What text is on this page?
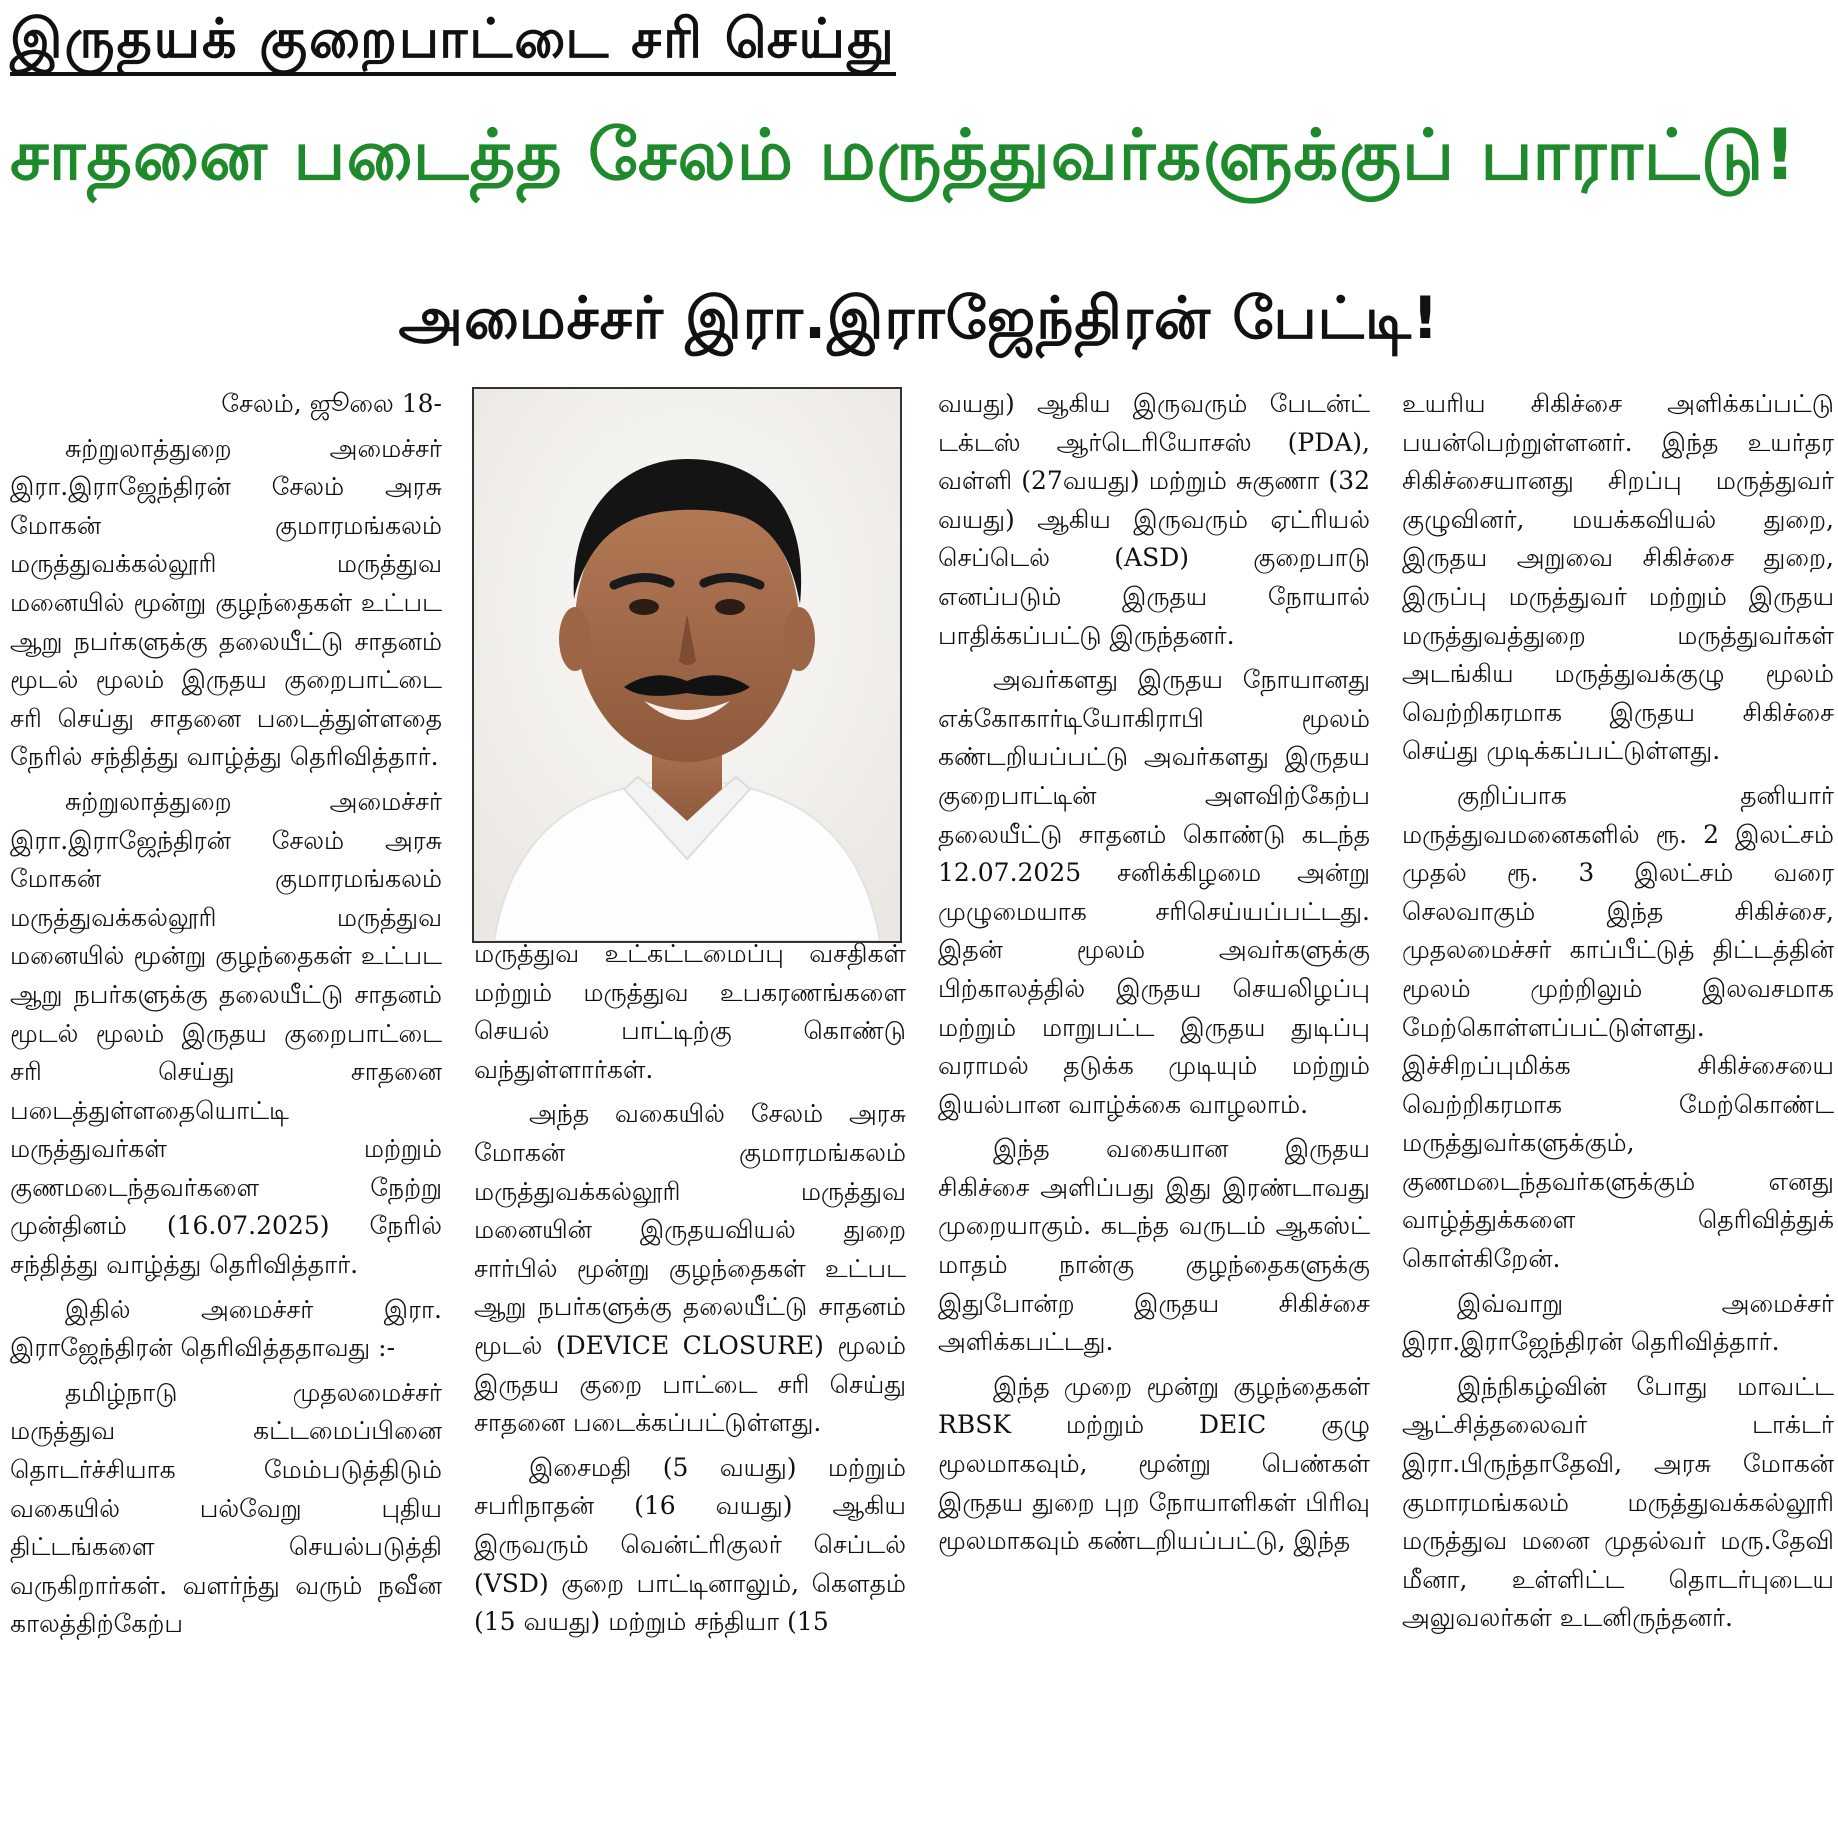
இருதயக் குறைபாட்டை சரி செய்து
சாதனை படைத்த சேலம் மருத்துவர்களுக்குப் பாராட்டு!
அமைச்சர் இரா.இராஜேந்திரன் பேட்டி!

சேலம், ஜூலை 18-

சுற்றுலாத்துறை அமைச்சர் இரா.இராஜேந்திரன் சேலம் அரசு மோகன் குமாரமங்கலம் மருத்துவக்கல்லூரி மருத்துவ மனையில் மூன்று குழந்தைகள் உட்பட ஆறு நபர்களுக்கு தலையீட்டு சாதனம் மூடல் மூலம் இருதய குறைபாட்டை சரி செய்து சாதனை படைத்துள்ளதை நேரில் சந்தித்து வாழ்த்து தெரிவித்தார்.

சுற்றுலாத்துறை அமைச்சர் இரா.இராஜேந்திரன் சேலம் அரசு மோகன் குமாரமங்கலம் மருத்துவக்கல்லூரி மருத்துவ மனையில் மூன்று குழந்தைகள் உட்பட ஆறு நபர்களுக்கு தலையீட்டு சாதனம் மூடல் மூலம் இருதய குறைபாட்டை சரி செய்து சாதனை படைத்துள்ளதையொட்டி மருத்துவர்கள் மற்றும் குணமடைந்தவர்களை நேற்று முன்தினம் (16.07.2025) நேரில் சந்தித்து வாழ்த்து தெரிவித்தார்.

இதில் அமைச்சர் இரா. இராஜேந்திரன் தெரிவித்ததாவது :-

தமிழ்நாடு முதலமைச்சர் மருத்துவ கட்டமைப்பினை தொடர்ச்சியாக மேம்படுத்திடும் வகையில் பல்வேறு புதிய திட்டங்களை செயல்படுத்தி வருகிறார்கள். வளர்ந்து வரும் நவீன காலத்திற்கேற்ப

மருத்துவ உட்கட்டமைப்பு வசதிகள் மற்றும் மருத்துவ உபகரணங்களை செயல் பாட்டிற்கு கொண்டு வந்துள்ளார்கள்.

அந்த வகையில் சேலம் அரசு மோகன் குமாரமங்கலம் மருத்துவக்கல்லூரி மருத்துவ மனையின் இருதயவியல் துறை சார்பில் மூன்று குழந்தைகள் உட்பட ஆறு நபர்களுக்கு தலையீட்டு சாதனம் மூடல் (DEVICE CLOSURE) மூலம் இருதய குறை பாட்டை சரி செய்து சாதனை படைக்கப்பட்டுள்ளது.

இசைமதி (5 வயது) மற்றும் சபரிநாதன் (16 வயது) ஆகிய இருவரும் வென்ட்ரிகுலர் செப்டல் (VSD) குறை பாட்டினாலும், கௌதம் (15 வயது) மற்றும் சந்தியா (15

வயது) ஆகிய இருவரும் பேடன்ட் டக்டஸ் ஆர்டெரியோசஸ் (PDA), வள்ளி (27வயது) மற்றும் சுகுணா (32 வயது) ஆகிய இருவரும் ஏட்ரியல் செப்டெல் (ASD) குறைபாடு எனப்படும் இருதய நோயால் பாதிக்கப்பட்டு இருந்தனர்.

அவர்களது இருதய நோயானது எக்கோகார்டியோகிராபி மூலம் கண்டறியப்பட்டு அவர்களது இருதய குறைபாட்டின் அளவிற்கேற்ப தலையீட்டு சாதனம் கொண்டு கடந்த 12.07.2025 சனிக்கிழமை அன்று முழுமையாக சரிசெய்யப்பட்டது. இதன் மூலம் அவர்களுக்கு பிற்காலத்தில் இருதய செயலிழப்பு மற்றும் மாறுபட்ட இருதய துடிப்பு வராமல் தடுக்க முடியும் மற்றும் இயல்பான வாழ்க்கை வாழலாம்.

இந்த வகையான இருதய சிகிச்சை அளிப்பது இது இரண்டாவது முறையாகும். கடந்த வருடம் ஆகஸ்ட் மாதம் நான்கு குழந்தைகளுக்கு இதுபோன்ற இருதய சிகிச்சை அளிக்கபட்டது.

இந்த முறை மூன்று குழந்தைகள் RBSK மற்றும் DEIC குழு மூலமாகவும், மூன்று பெண்கள் இருதய துறை புற நோயாளிகள் பிரிவு மூலமாகவும் கண்டறியப்பட்டு, இந்த

உயரிய சிகிச்சை அளிக்கப்பட்டு பயன்பெற்றுள்ளனர். இந்த உயர்தர சிகிச்சையானது சிறப்பு மருத்துவர் குழுவினர், மயக்கவியல் துறை, இருதய அறுவை சிகிச்சை துறை, இருப்பு மருத்துவர் மற்றும் இருதய மருத்துவத்துறை மருத்துவர்கள் அடங்கிய மருத்துவக்குழு மூலம் வெற்றிகரமாக இருதய சிகிச்சை செய்து முடிக்கப்பட்டுள்ளது.

குறிப்பாக தனியார் மருத்துவமனைகளில் ரூ. 2 இலட்சம் முதல் ரூ. 3 இலட்சம் வரை செலவாகும் இந்த சிகிச்சை, முதலமைச்சர் காப்பீட்டுத் திட்டத்தின் மூலம் முற்றிலும் இலவசமாக மேற்கொள்ளப்பட்டுள்ளது. இச்சிறப்புமிக்க சிகிச்சையை வெற்றிகரமாக மேற்கொண்ட மருத்துவர்களுக்கும், குணமடைந்தவர்களுக்கும் எனது வாழ்த்துக்களை தெரிவித்துக் கொள்கிறேன்.

இவ்வாறு அமைச்சர் இரா.இராஜேந்திரன் தெரிவித்தார்.

இந்நிகழ்வின் போது மாவட்ட ஆட்சித்தலைவர் டாக்டர் இரா.பிருந்தாதேவி, அரசு மோகன் குமாரமங்கலம் மருத்துவக்கல்லூரி மருத்துவ மனை முதல்வர் மரு.தேவி மீனா, உள்ளிட்ட தொடர்புடைய அலுவலர்கள் உடனிருந்தனர்.
